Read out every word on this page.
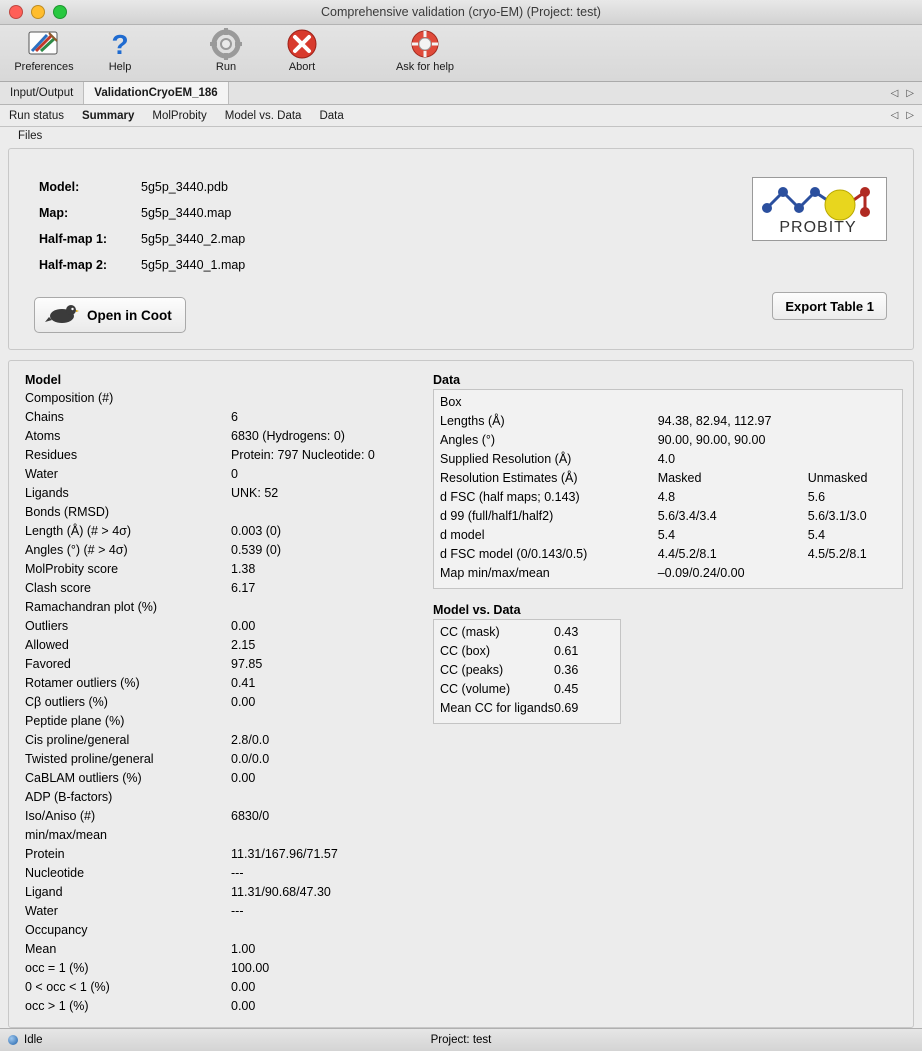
Comprehensive validation (cryo-EM) (Project: test)
Preferences
?
Help	Run	Abort	Ask for help
Input/Output	ValidationCryoEM_186	◁ ▷
Run status	Summary	MolProbity	Model vs. Data	Data	◁ ▷
Files
Model:	5g5p_3440.pdb
Map:	5g5p_3440.map
Half-map 1:	5g5p_3440_2.map
Half-map 2:	5g5p_3440_1.map
PROBITY
Open in Coot
Export Table 1
Model
Composition (#)	
Chains	6
Atoms	6830 (Hydrogens: 0)
Residues	Protein: 797 Nucleotide: 0
Water	0
Ligands	UNK: 52
Bonds (RMSD)	
Length (Å) (# > 4σ)	0.003 (0)
Angles (°) (# > 4σ)	0.539 (0)
MolProbity score	1.38
Clash score	6.17
Ramachandran plot (%)	
Outliers	0.00
Allowed	2.15
Favored	97.85
Rotamer outliers (%)	0.41
Cβ outliers (%)	0.00
Peptide plane (%)	
Cis proline/general	2.8/0.0
Twisted proline/general	0.0/0.0
CaBLAM outliers (%)	0.00
ADP (B-factors)	
Iso/Aniso (#)	6830/0
min/max/mean	
Protein	11.31/167.96/71.57
Nucleotide	---
Ligand	11.31/90.68/47.30
Water	---
Occupancy	
Mean	1.00
occ = 1 (%)	100.00
0 < occ < 1 (%)	0.00
occ > 1 (%)	0.00
Data
Box		
Lengths (Å)	94.38, 82.94, 112.97	
Angles (°)	90.00, 90.00, 90.00	
Supplied Resolution (Å)	4.0	
Resolution Estimates (Å)	Masked	Unmasked
d FSC (half maps; 0.143)	4.8	5.6
d 99 (full/half1/half2)	5.6/3.4/3.4	5.6/3.1/3.0
d model	5.4	5.4
d FSC model (0/0.143/0.5)	4.4/5.2/8.1	4.5/5.2/8.1
Map min/max/mean	–0.09/0.24/0.00	
Model vs. Data
CC (mask)	0.43
CC (box)	0.61
CC (peaks)	0.36
CC (volume)	0.45
Mean CC for ligands	0.69
Idle	Project: test
